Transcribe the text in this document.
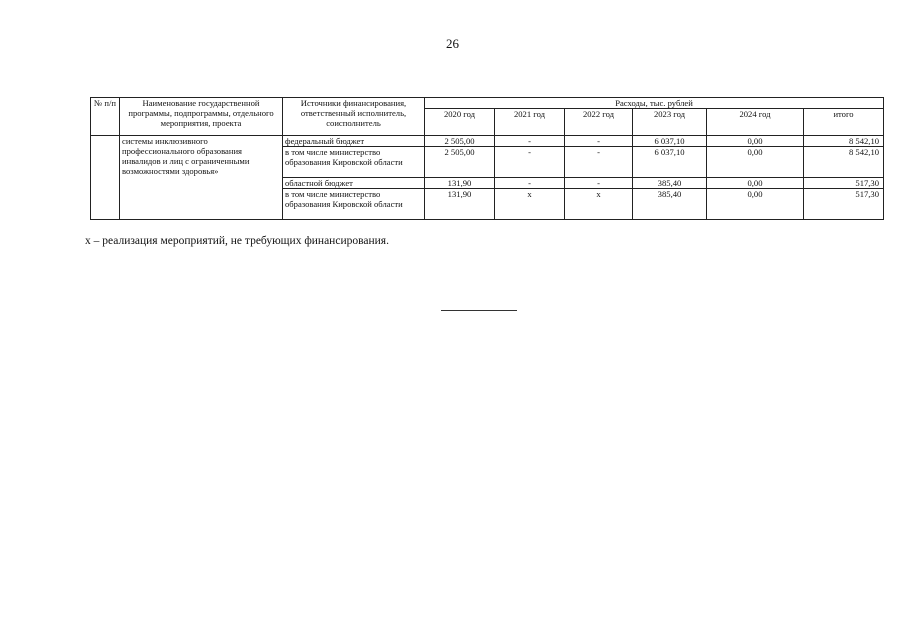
26
№ п/п	Наименование государственной программы, подпрограммы, отдельного мероприятия, проекта	Источники финансирования, ответственный исполнитель, соисполнитель	Расходы, тыс. рублей					
			2020 год	2021 год	2022 год	2023 год	2024 год	итого
	системы инклюзивного профессионального образования инвалидов и лиц с ограниченными возможностями здоровья»	федеральный бюджет	2 505,00	-	-	6 037,10	0,00	8 542,10
		в том числе министерство образования Кировской области	2 505,00	-	-	6 037,10	0,00	8 542,10
		областной бюджет	131,90	-	-	385,40	0,00	517,30
		в том числе министерство образования Кировской области	131,90	x	x	385,40	0,00	517,30
x – реализация мероприятий, не требующих финансирования.
